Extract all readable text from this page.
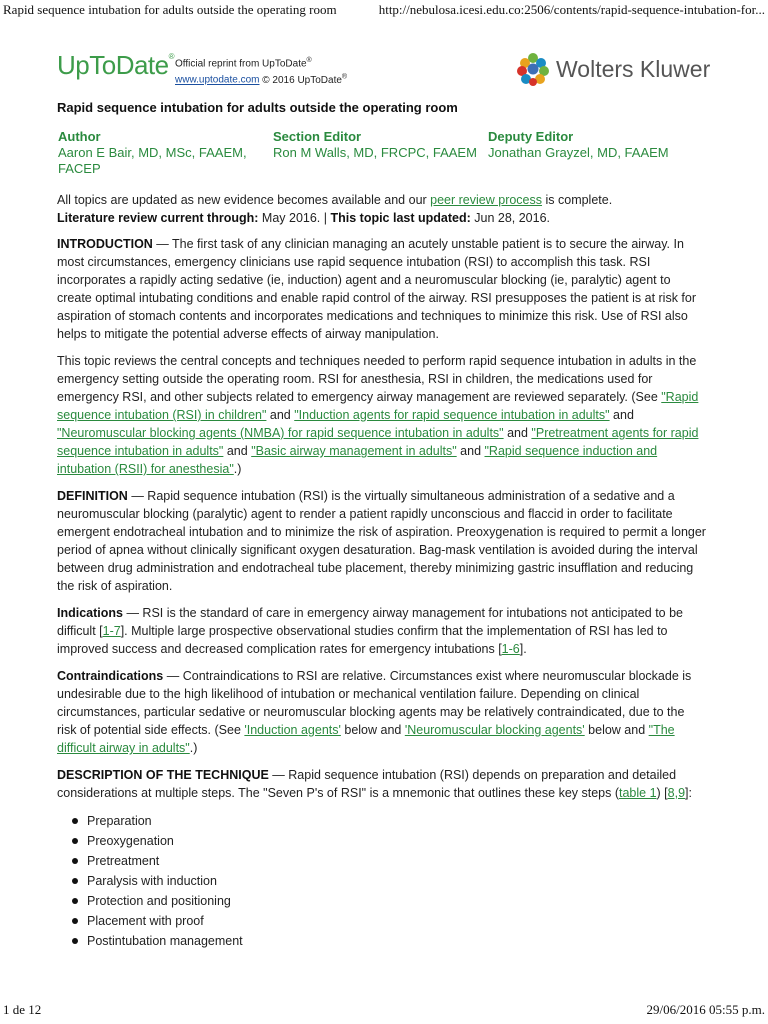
Rapid sequence intubation for adults outside the operating room	http://nebulosa.icesi.edu.co:2506/contents/rapid-sequence-intubation-for...
UpToDate®
Official reprint from UpToDate®
www.uptodate.com © 2016 UpToDate®	Wolters Kluwer
Rapid sequence intubation for adults outside the operating room
Author
Aaron E Bair, MD, MSc, FAAEM, FACEP
Section Editor
Ron M Walls, MD, FRCPC, FAAEM
Deputy Editor
Jonathan Grayzel, MD, FAAEM

All topics are updated as new evidence becomes available and our peer review process is complete.

Literature review current through: May 2016. | This topic last updated: Jun 28, 2016.

INTRODUCTION — The first task of any clinician managing an acutely unstable patient is to secure the airway. In most circumstances, emergency clinicians use rapid sequence intubation (RSI) to accomplish this task. RSI incorporates a rapidly acting sedative (ie, induction) agent and a neuromuscular blocking (ie, paralytic) agent to create optimal intubating conditions and enable rapid control of the airway. RSI presupposes the patient is at risk for aspiration of stomach contents and incorporates medications and techniques to minimize this risk. Use of RSI also helps to mitigate the potential adverse effects of airway manipulation.

This topic reviews the central concepts and techniques needed to perform rapid sequence intubation in adults in the emergency setting outside the operating room. RSI for anesthesia, RSI in children, the medications used for emergency RSI, and other subjects related to emergency airway management are reviewed separately. (See "Rapid sequence intubation (RSI) in children" and "Induction agents for rapid sequence intubation in adults" and "Neuromuscular blocking agents (NMBA) for rapid sequence intubation in adults" and "Pretreatment agents for rapid sequence intubation in adults" and "Basic airway management in adults" and "Rapid sequence induction and intubation (RSII) for anesthesia".)

DEFINITION — Rapid sequence intubation (RSI) is the virtually simultaneous administration of a sedative and a neuromuscular blocking (paralytic) agent to render a patient rapidly unconscious and flaccid in order to facilitate emergent endotracheal intubation and to minimize the risk of aspiration. Preoxygenation is required to permit a longer period of apnea without clinically significant oxygen desaturation. Bag-mask ventilation is avoided during the interval between drug administration and endotracheal tube placement, thereby minimizing gastric insufflation and reducing the risk of aspiration.

Indications — RSI is the standard of care in emergency airway management for intubations not anticipated to be difficult [1-7]. Multiple large prospective observational studies confirm that the implementation of RSI has led to improved success and decreased complication rates for emergency intubations [1-6].

Contraindications — Contraindications to RSI are relative. Circumstances exist where neuromuscular blockade is undesirable due to the high likelihood of intubation or mechanical ventilation failure. Depending on clinical circumstances, particular sedative or neuromuscular blocking agents may be relatively contraindicated, due to the risk of potential side effects. (See 'Induction agents' below and 'Neuromuscular blocking agents' below and "The difficult airway in adults".)

DESCRIPTION OF THE TECHNIQUE — Rapid sequence intubation (RSI) depends on preparation and detailed considerations at multiple steps. The "Seven P's of RSI" is a mnemonic that outlines these key steps (table 1) [8,9]:

Preparation
Preoxygenation
Pretreatment
Paralysis with induction
Protection and positioning
Placement with proof
Postintubation management
1 de 12	29/06/2016 05:55 p.m.
